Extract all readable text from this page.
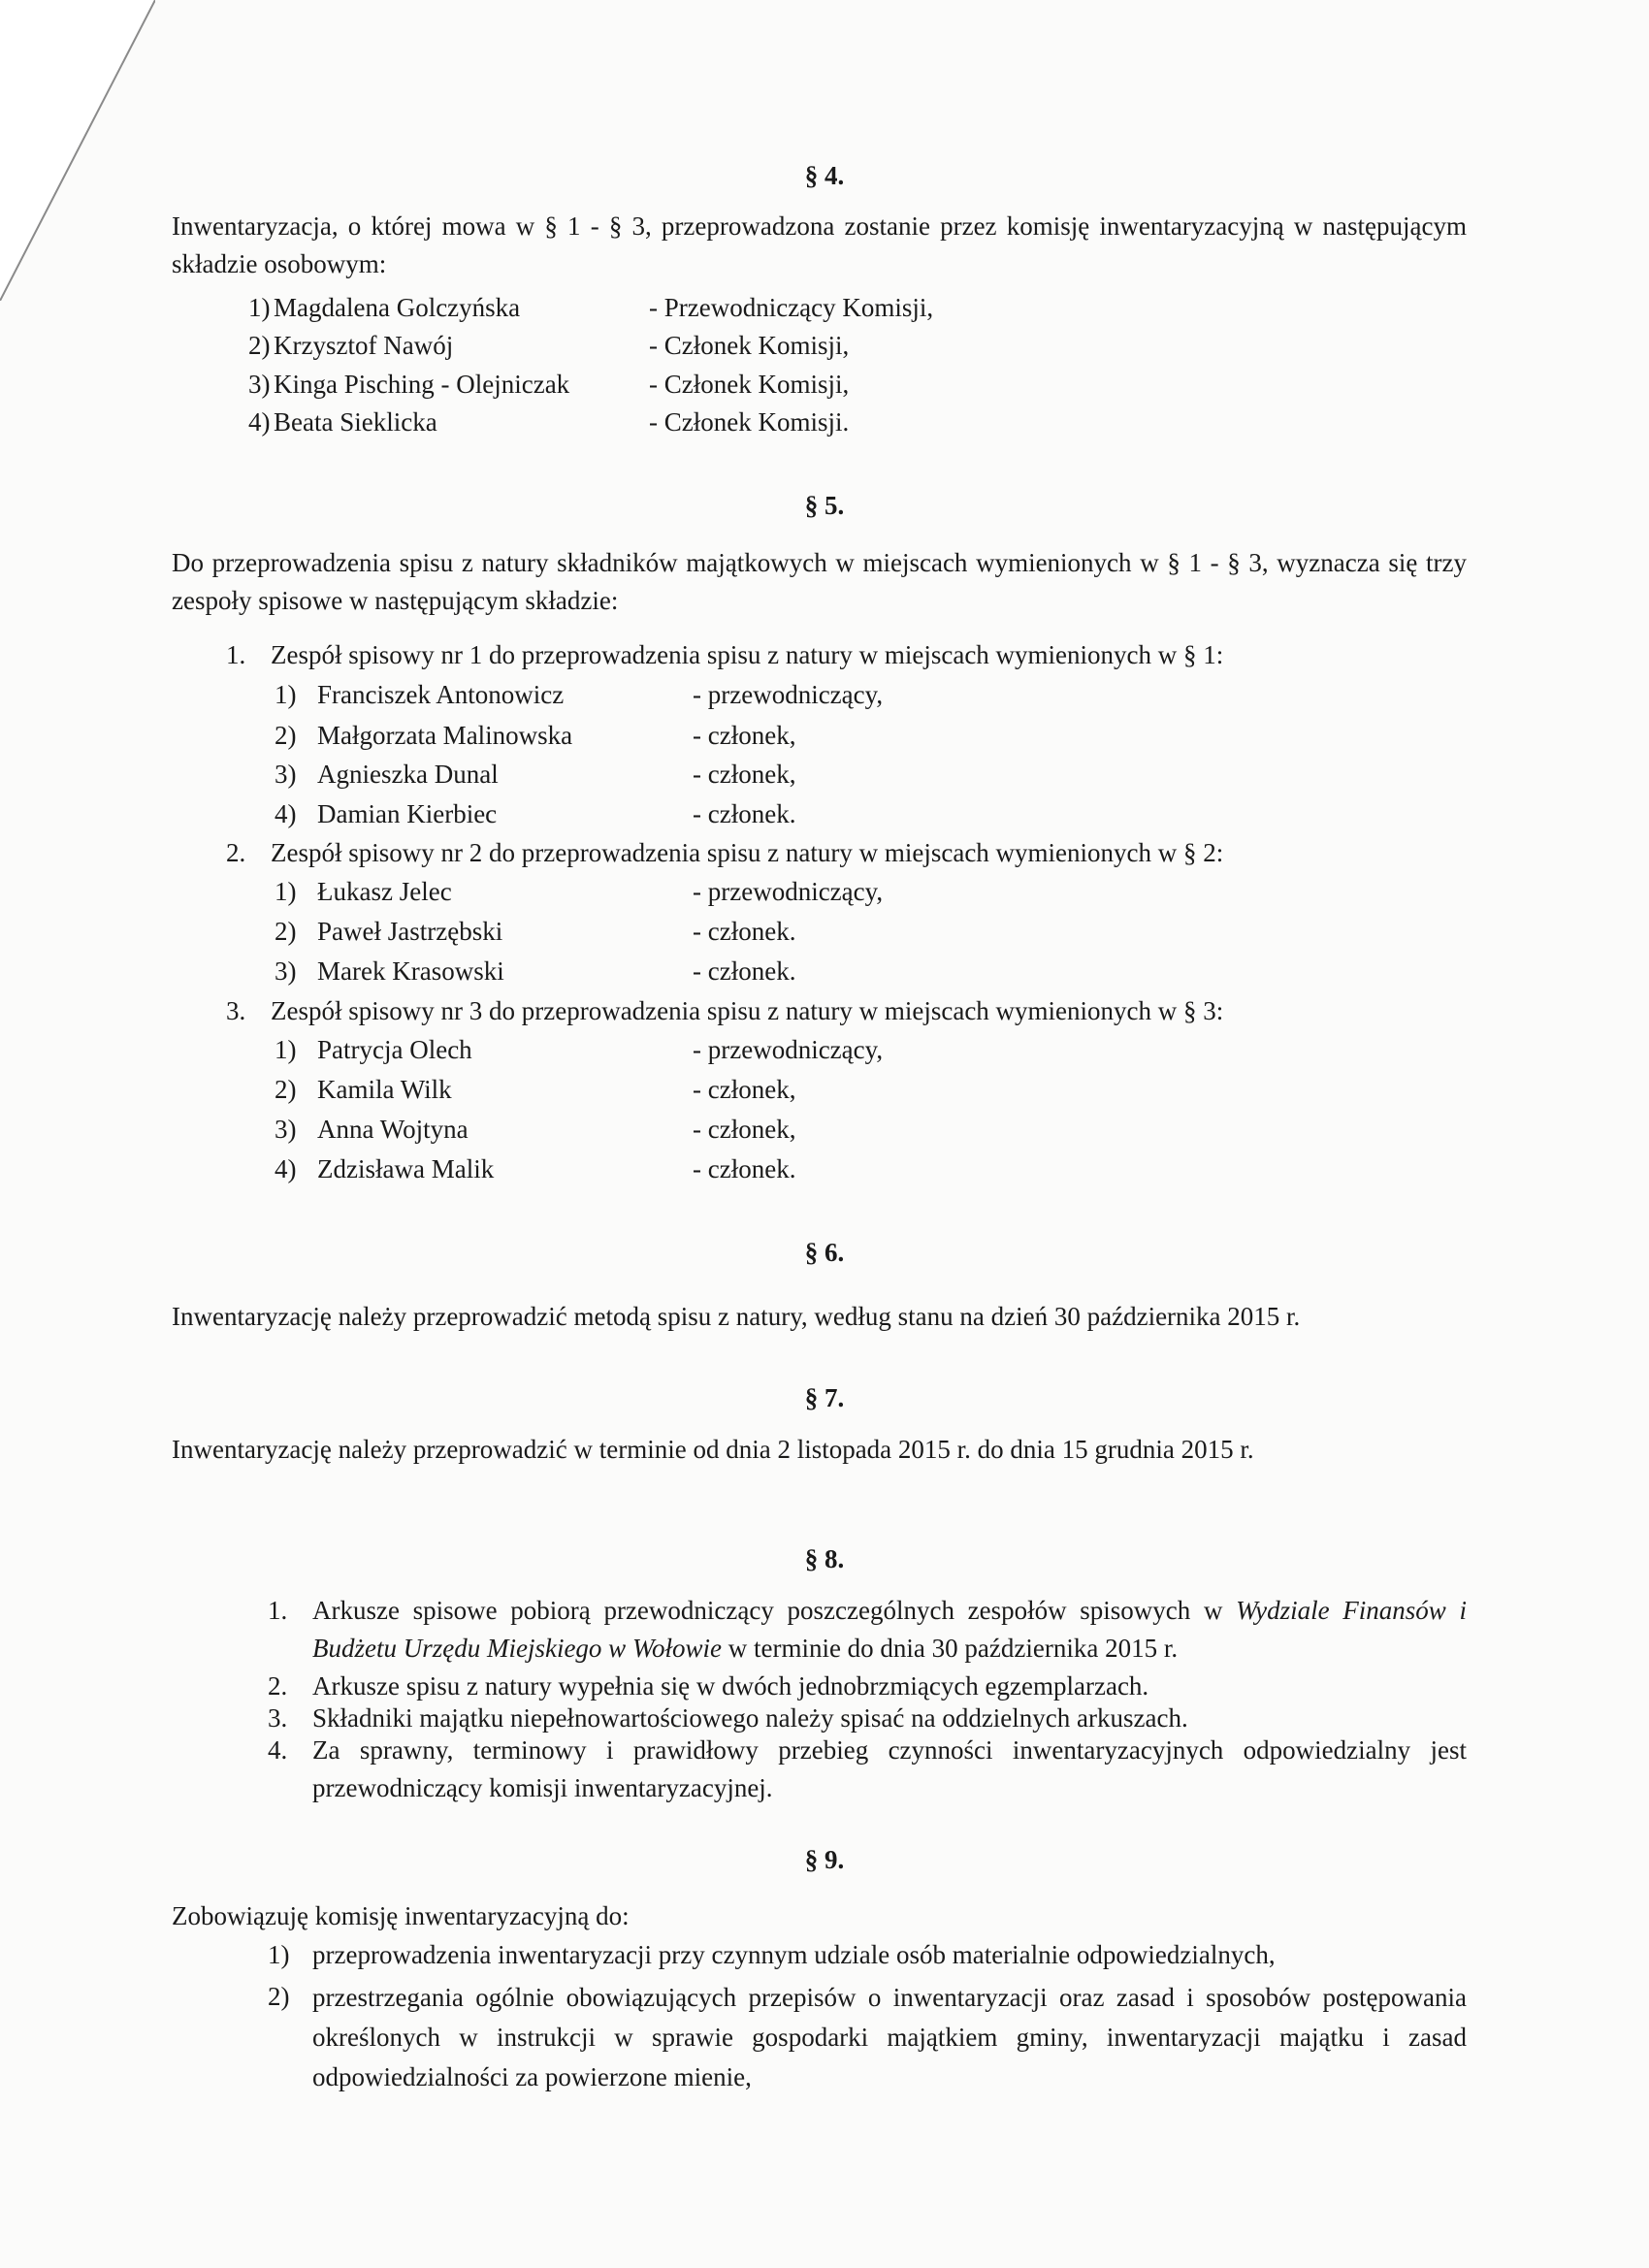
§ 4.
Inwentaryzacja, o której mowa w § 1 - § 3, przeprowadzona zostanie przez komisję inwentaryzacyjną w następującym składzie osobowym:
1) Magdalena Golczyńska	- Przewodniczący Komisji,
2) Krzysztof Nawój	- Członek Komisji,
3) Kinga Pisching - Olejniczak	- Członek Komisji,
4) Beata Sieklicka	- Członek Komisji.
§ 5.
Do przeprowadzenia spisu z natury składników majątkowych w miejscach wymienionych w § 1 - § 3, wyznacza się trzy zespoły spisowe w następującym składzie:
1. Zespół spisowy nr 1 do przeprowadzenia spisu z natury w miejscach wymienionych w § 1:
1) Franciszek Antonowicz	- przewodniczący,
2) Małgorzata Malinowska	- członek,
3) Agnieszka Dunal	- członek,
4) Damian Kierbiec	- członek.
2. Zespół spisowy nr 2 do przeprowadzenia spisu z natury w miejscach wymienionych w § 2:
1) Łukasz Jelec	- przewodniczący,
2) Paweł Jastrzębski	- członek.
3) Marek Krasowski	- członek.
3. Zespół spisowy nr 3 do przeprowadzenia spisu z natury w miejscach wymienionych w § 3:
1) Patrycja Olech	- przewodniczący,
2) Kamila Wilk	- członek,
3) Anna Wojtyna	- członek,
4) Zdzisława Malik	- członek.
§ 6.
Inwentaryzację należy przeprowadzić metodą spisu z natury, według stanu na dzień 30 października 2015 r.
§ 7.
Inwentaryzację należy przeprowadzić w terminie od dnia 2 listopada 2015 r. do dnia 15 grudnia 2015 r.
§ 8.
1. Arkusze spisowe pobiorą przewodniczący poszczególnych zespołów spisowych w Wydziale Finansów i Budżetu Urzędu Miejskiego w Wołowie w terminie do dnia 30 października 2015 r.
2. Arkusze spisu z natury wypełnia się w dwóch jednobrzmiących egzemplarzach.
3. Składniki majątku niepełnowartościowego należy spisać na oddzielnych arkuszach.
4. Za sprawny, terminowy i prawidłowy przebieg czynności inwentaryzacyjnych odpowiedzialny jest przewodniczący komisji inwentaryzacyjnej.
§ 9.
Zobowiązuję komisję inwentaryzacyjną do:
1) przeprowadzenia inwentaryzacji przy czynnym udziale osób materialnie odpowiedzialnych,
2) przestrzegania ogólnie obowiązujących przepisów o inwentaryzacji oraz zasad i sposobów postępowania określonych w instrukcji w sprawie gospodarki majątkiem gminy, inwentaryzacji majątku i zasad odpowiedzialności za powierzone mienie,
